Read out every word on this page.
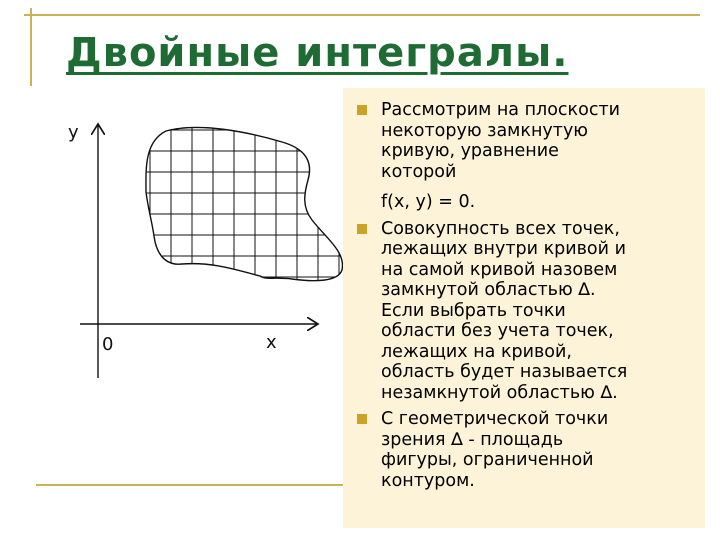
Двойные интегралы.
y
0	x
Рассмотрим на плоскости
некоторую замкнутую
кривую, уравнение
которой
f(x, y) = 0.
Совокупность всех точек,
лежащих внутри кривой и
на самой кривой назовем
замкнутой областью ∆.
Если выбрать точки
области без учета точек,
лежащих на кривой,
область будет называется
незамкнутой областью ∆.
С геометрической точки
зрения ∆ - площадь
фигуры, ограниченной
контуром.
